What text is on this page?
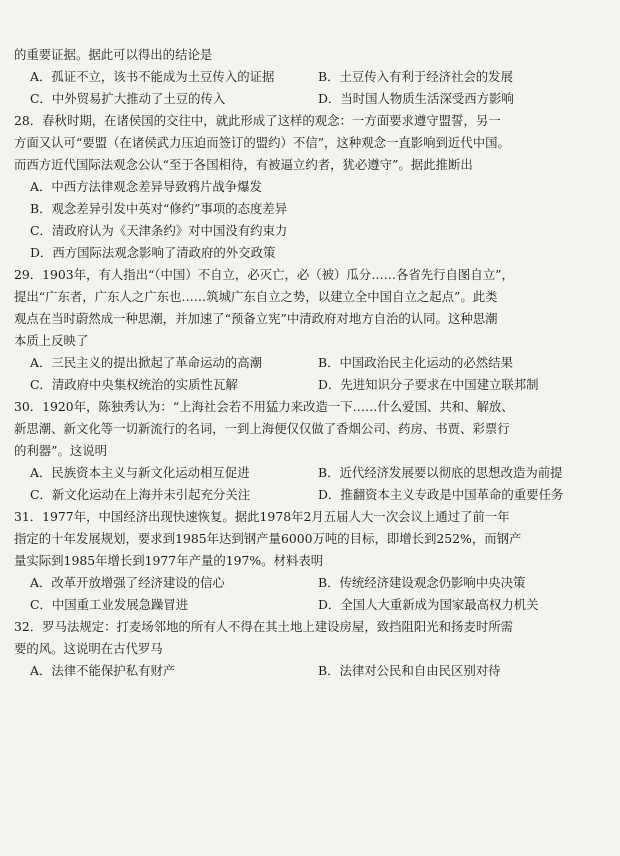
的重要证据。据此可以得出的结论是
A．孤证不立，该书不能成为土豆传入的证据	B．土豆传入有利于经济社会的发展
C．中外贸易扩大推动了土豆的传入	D．当时国人物质生活深受西方影响
28．春秋时期，在诸侯国的交往中，就此形成了这样的观念：一方面要求遵守盟誓，另一
方面又认可“要盟（在诸侯武力压迫而签订的盟约）不信”，这种观念一直影响到近代中国。
而西方近代国际法观念公认“至于各国相待，有被逼立约者，犹必遵守”。据此推断出
A．中西方法律观念差异导致鸦片战争爆发
B．观念差异引发中英对“修约”事项的态度差异
C．清政府认为《天津条约》对中国没有约束力
D．西方国际法观念影响了清政府的外交政策
29．1903年，有人指出“（中国）不自立，必灭亡，必（被）瓜分……各省先行自图自立”，
提出“广东者，广东人之广东也……筑城广东自立之势，以建立全中国自立之起点”。此类
观点在当时蔚然成一种思潮，并加速了“预备立宪”中清政府对地方自治的认同。这种思潮
本质上反映了
A．三民主义的提出掀起了革命运动的高潮	B．中国政治民主化运动的必然结果
C．清政府中央集权统治的实质性瓦解	D．先进知识分子要求在中国建立联邦制
30．1920年，陈独秀认为：“上海社会若不用猛力来改造一下……什么爱国、共和、解放、
新思潮、新文化等一切新流行的名词，一到上海便仅仅做了香烟公司、药房、书贾、彩票行
的利器”。这说明
A．民族资本主义与新文化运动相互促进	B．近代经济发展要以彻底的思想改造为前提
C．新文化运动在上海并未引起充分关注	D．推翻资本主义专政是中国革命的重要任务
31．1977年，中国经济出现快速恢复。据此1978年2月五届人大一次会议上通过了前一年
指定的十年发展规划，要求到1985年达到钢产量6000万吨的目标，即增长到252%，而钢产
量实际到1985年增长到1977年产量的197%。材料表明
A．改革开放增强了经济建设的信心	B．传统经济建设观念仍影响中央决策
C．中国重工业发展急躁冒进	D．全国人大重新成为国家最高权力机关
32．罗马法规定：打麦场邻地的所有人不得在其土地上建设房屋，致挡阻阳光和扬麦时所需
要的风。这说明在古代罗马
A．法律不能保护私有财产	B．法律对公民和自由民区别对待
